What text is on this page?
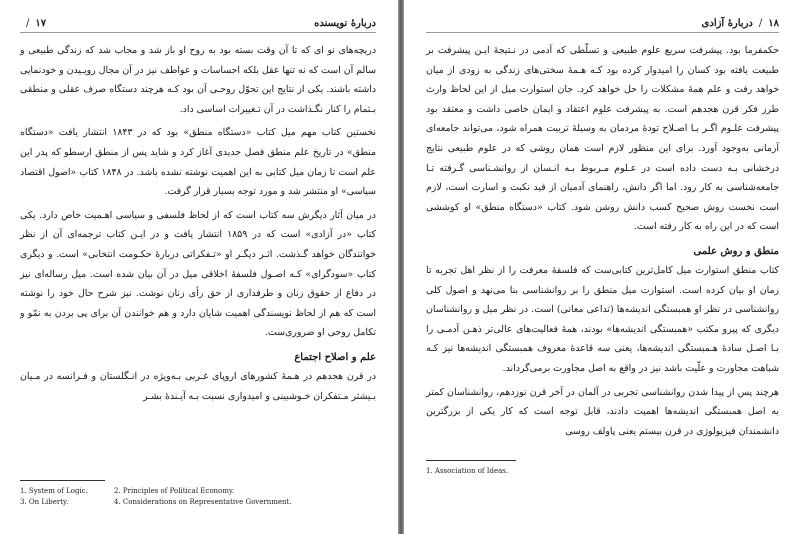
دربارهٔ نویسنده
۱۷/

دریچه‌های نو ای که تا آن وقت بسته بود به روح او باز شد و مجاب شد که زندگی طبیعی و سالم آن است که نه تنها عقل بلکه احساسات و عواطف نیز در آن مجال رویـیدن و خودنمایی داشته باشند. یکی از نتایج این تحوّل روحـی آن بود کـه هرچند دستگاه صرف عقلی و منطقی بـتمام را کنار نگـذاشت در آن تـغییرات اساسی داد.

نخستین کتاب مهم میل کتاب «دستگاه منطق» بود که در ۱۸۴۳ انتشار یافت «دستگاه منطق» در تاریخ علم منطق فصل جدیدی آغاز کرد و شاید پس از منطق ارسطو که پدر این علم است تا زمان میل کتابی به این اهمیت نوشته نشده باشد. در ۱۸۴۸ کتاب «اصول اقتصاد سیاسی» او منتشر شد و مورد توجه بسیار قرار گرفت.

در میان آثار دیگرش سه کتاب است که از لحاظ فلسفی و سیاسی اهـمیت خاص دارد. یکی کتاب «در آزادی» است که در ۱۸۵۹ انتشار یافت و در ایـن کتاب ترجمه‌ای آن از نظر خوانندگان خواهد گـذشت. اثـر دیگـر او «تـفکراتی دربارهٔ حکـومت انتخابی» است. و دیگری کتاب «سودگرای» کـه اصـول فلسفهٔ اخلاقی میل در آن بیان شده است. میل رساله‌ای نیز در دفاع از حقوق زنان و طرفداری از حق رأی زنان نوشت. نیز شرح حال خود را نوشته است که هم از لحاظ نویسندگی اهمیت شایان دارد و هم خوانندن آن برای پی بردن به نمّو و تکامل روحی او ضروری‌ست.

علم و اصلاح اجتماع

در قرن هجدهم در هـمهٔ کشورهای اروپای غـربی بـه‌ویژه در انـگلستان و فـرانسه در مـیان بـیشتر مـتفکران خـوشبینی و امیدواری نسبت بـه آیـندهٔ بشـر

1. System of Logic.	2. Principles of Political Economy.
3. On Liberty.	4. Considerations on Representative Government.
۱۸/دربارهٔ آزادی

حکمفرما بود. پیشرفت سریع علوم طبیعی و تسلّطی که آدمی در نـتیجهٔ ایـن پیشرفت بر طبیعت یافته بود کسان را امیدوار کرده بود کـه هـمهٔ سختی‌های زندگی به زودی از میان خواهد رفت و علم همهٔ مشکلات را حل خواهد کرد. جان استوارت میل از این لحاظ وارث طرز فکر قرن هجدهم است. به پیشرفت علوم اعتقاد و ایمان خاصی داشت و معتقد بود پیشرفت علـوم اگـر بـا اصـلاح تودهٔ مردمان به وسیلهٔ تربیت همراه شود، می‌تواند جامعه‌ای آرمانی به‌وجود آورد. برای این منظور لازم است همان روشی که در علوم طبیعی نتایج درخشانی بـه دست داده است در عـلوم مـربوط بـه انـسان از روانشـناسی گـرفته تـا جامعه‌شناسی به کار رود. اما اگر دانش، راهنمای آدمیان از قید نکبت و اسارت است، لازم است نخست روش صحیح کسب دانش روشن شود. کتاب «دستگاه منطق» او کوششی است که در این راه به کار رفته است.

منطق و روش علمی

کتاب منطق استوارت میل کامل‌ترین کتابی‌ست که فلسفهٔ معرفت را از نظر اهل تجربه تا زمان او بیان کرده است. استوارت میل منطق را بر روانشناسی بنا می‌نهد و اصول کلی روانشناسی در نظر او همبستگی اندیشه‌ها (تداعی معانی) است. در نظر میل و روانشناسان دیگری که پیرو مکتب «همبستگی اندیشه‌ها» بودند، همهٔ فعالیت‌های عالی‌تر ذهـن آدمـی را بـا اصـل سادهٔ هـمبستگی اندیشه‌ها، یعنی سه قاعدهٔ معروف همبستگی اندیشه‌ها نیز کـه شباهت مجاورت و علّیت باشد نیز در واقع به اصل مجاورت برمی‌گرداند.

هرچند پس از پیدا شدن روانشناسی تجربی در آلمان در آخر قرن نوزدهم، روانشناسان کمتر به اصل همبستگی اندیشه‌ها اهمیت دادند، قابل توجه است که کار یکی از بزرگترین دانشمندان فیزیولوژی در قرن بیستم یعنی پاولف روسی

1. Association of Ideas.
